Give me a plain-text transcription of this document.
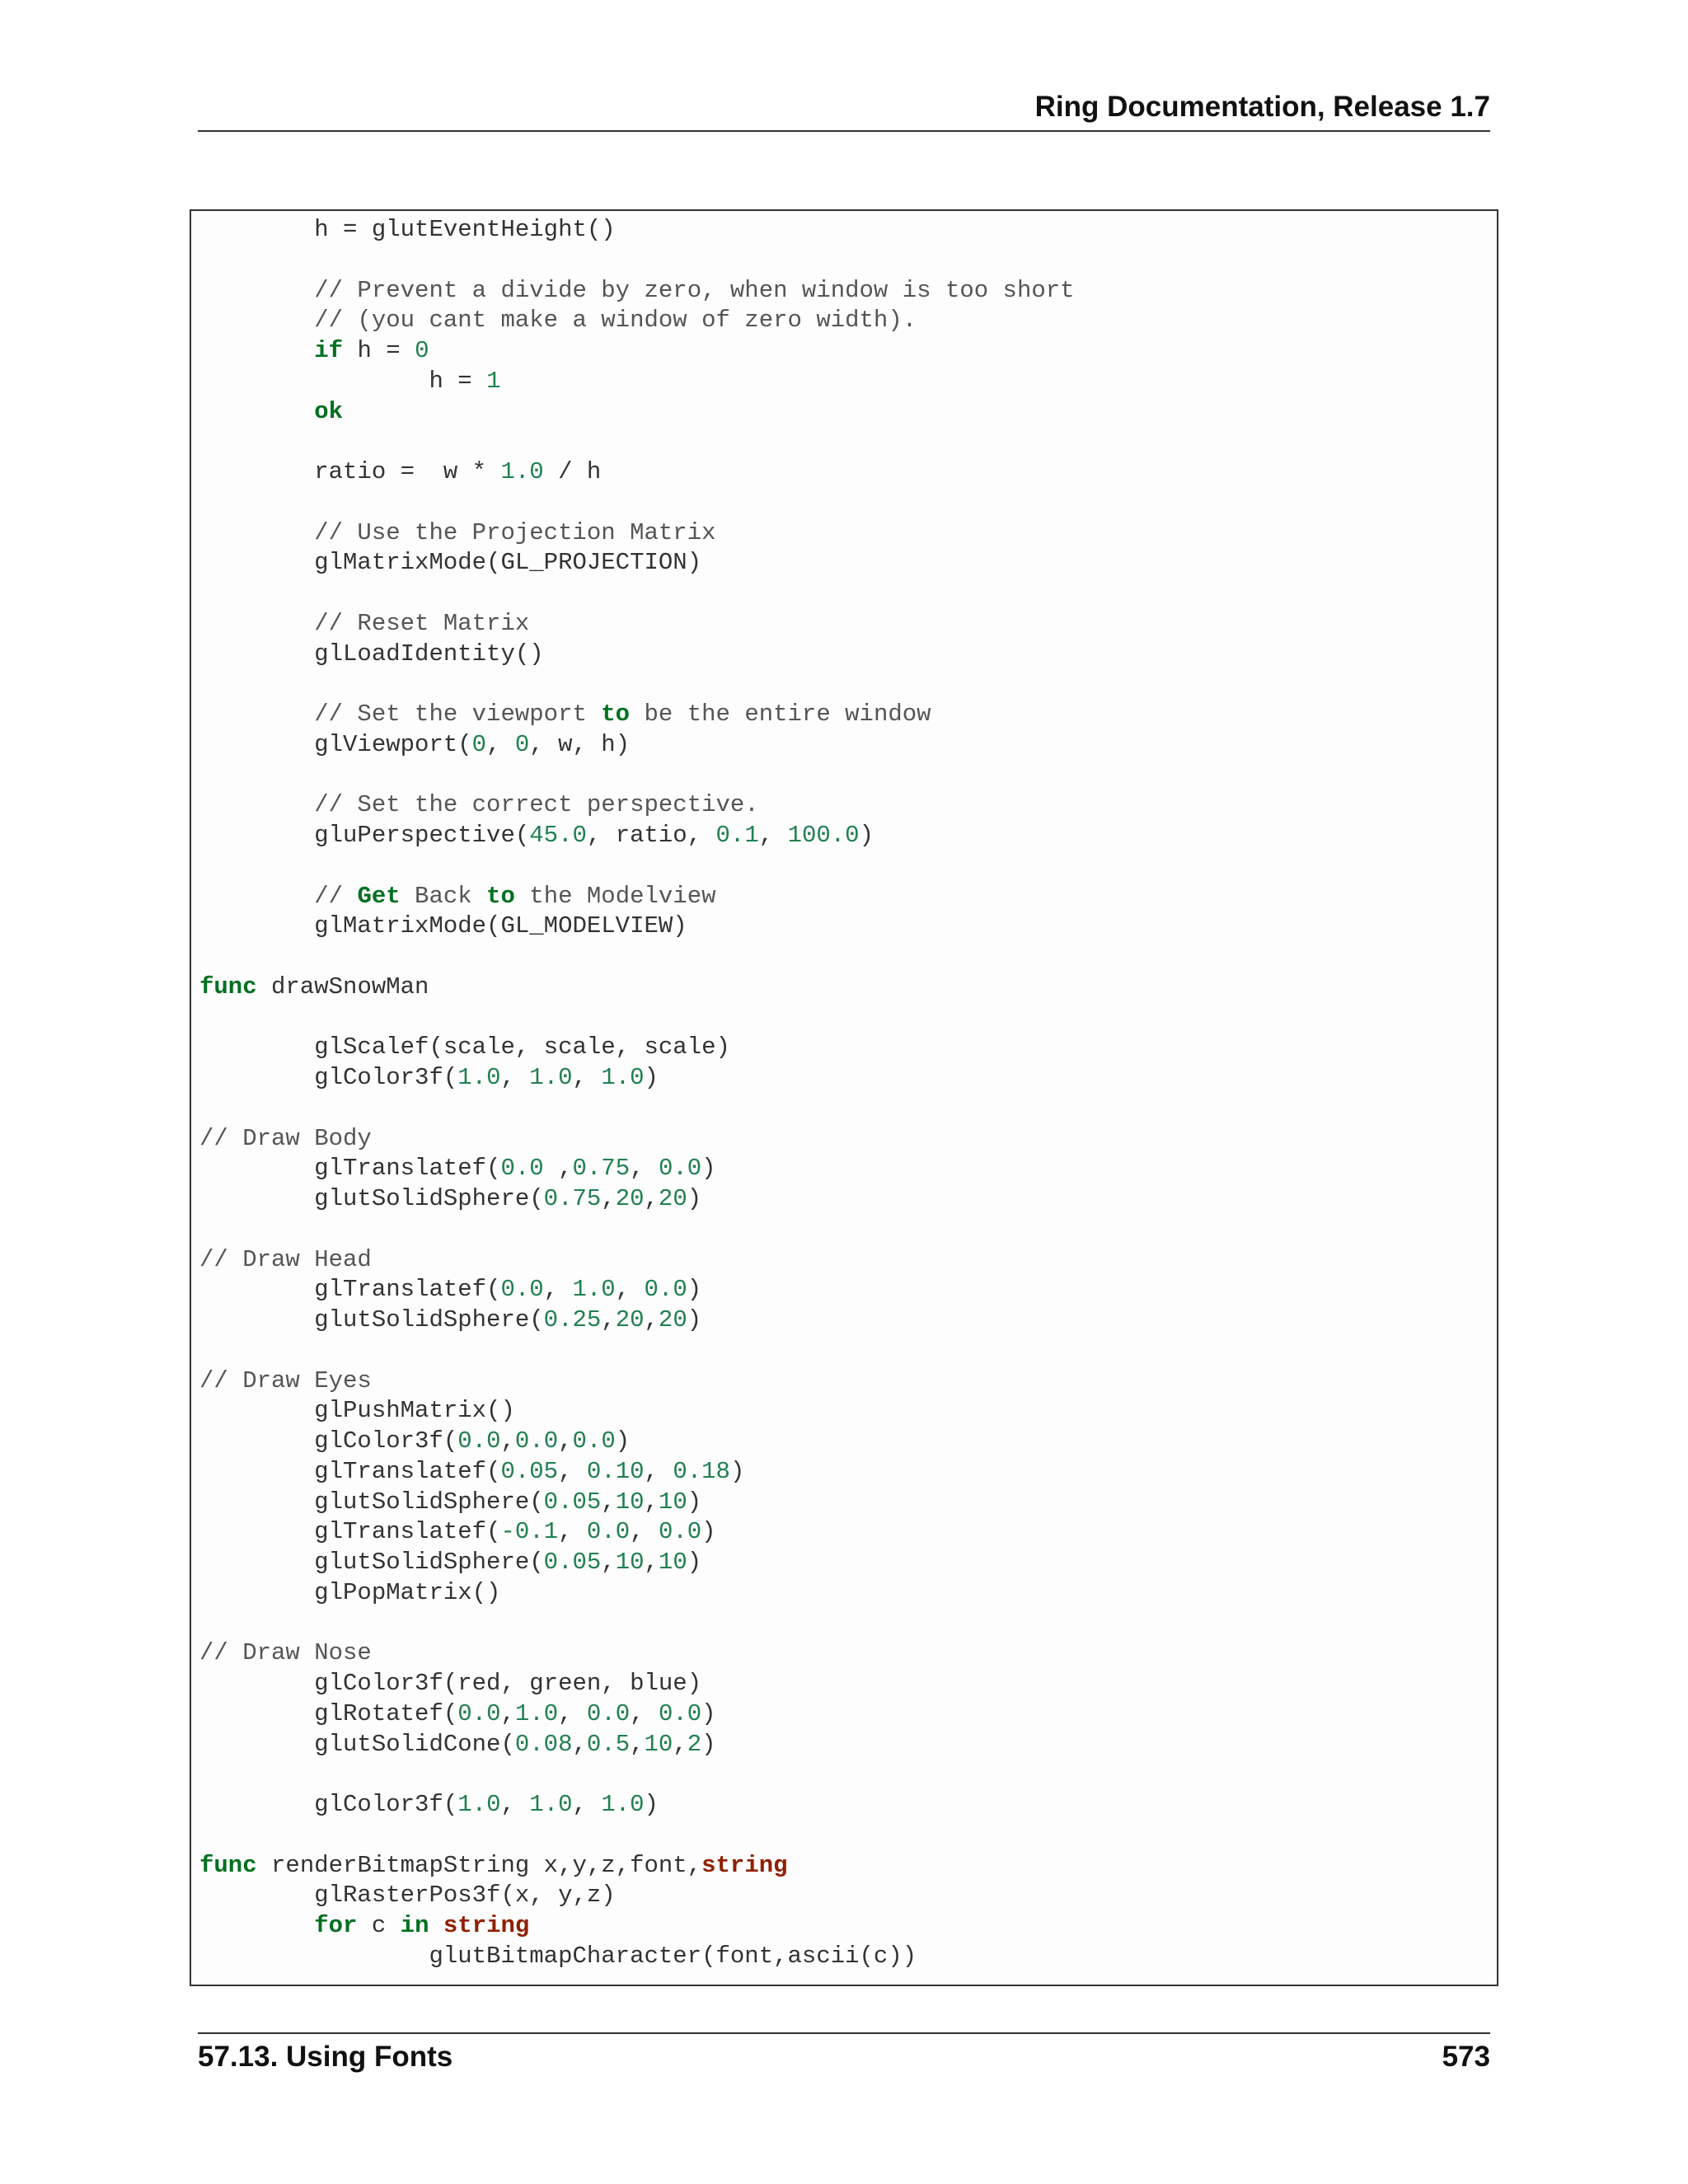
Ring Documentation, Release 1.7
h = glutEventHeight()
// Prevent a divide by zero, when window is too short
// (you cant make a window of zero width).
if h = 0
h = 1
ok
ratio =  w * 1.0 / h
// Use the Projection Matrix
glMatrixMode(GL_PROJECTION)
// Reset Matrix
glLoadIdentity()
// Set the viewport to be the entire window
glViewport(0, 0, w, h)
// Set the correct perspective.
gluPerspective(45.0, ratio, 0.1, 100.0)
// Get Back to the Modelview
glMatrixMode(GL_MODELVIEW)
func drawSnowMan
glScalef(scale, scale, scale)
glColor3f(1.0, 1.0, 1.0)
// Draw Body
glTranslatef(0.0 ,0.75, 0.0)
glutSolidSphere(0.75,20,20)
// Draw Head
glTranslatef(0.0, 1.0, 0.0)
glutSolidSphere(0.25,20,20)
// Draw Eyes
glPushMatrix()
glColor3f(0.0,0.0,0.0)
glTranslatef(0.05, 0.10, 0.18)
glutSolidSphere(0.05,10,10)
glTranslatef(-0.1, 0.0, 0.0)
glutSolidSphere(0.05,10,10)
glPopMatrix()
// Draw Nose
glColor3f(red, green, blue)
glRotatef(0.0,1.0, 0.0, 0.0)
glutSolidCone(0.08,0.5,10,2)
glColor3f(1.0, 1.0, 1.0)
func renderBitmapString x,y,z,font,string
glRasterPos3f(x, y,z)
for c in string
glutBitmapCharacter(font,ascii(c))
57.13. Using Fonts	573
